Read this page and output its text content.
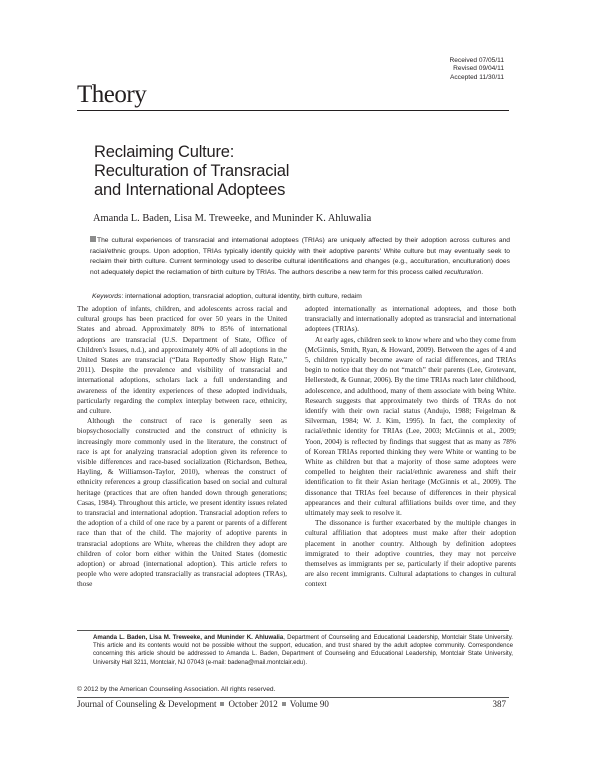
Received 07/05/11
Revised 09/04/11
Accepted 11/30/11
Theory
Reclaiming Culture:
Reculturation of Transracial
and International Adoptees
Amanda L. Baden, Lisa M. Treweeke, and Muninder K. Ahluwalia

The cultural experiences of transracial and international adoptees (TRIAs) are uniquely affected by their adoption across cultures and racial/ethnic groups. Upon adoption, TRIAs typically identify quickly with their adoptive parents' White culture but may eventually seek to reclaim their birth culture. Current terminology used to describe cultural identifications and changes (e.g., acculturation, enculturation) does not adequately depict the reclamation of birth culture by TRIAs. The authors describe a new term for this process called reculturation.

Keywords: international adoption, transracial adoption, cultural identity, birth culture, redaim

The adoption of infants, children, and adolescents across racial and cultural groups has been practiced for over 50 years in the United States and abroad. Approximately 80% to 85% of international adoptions are transracial (U.S. Department of State, Office of Children's Issues, n.d.), and approximately 40% of all adoptions in the United States are transracial (“Data Reportedly Show High Rate,” 2011). Despite the prevalence and visibility of transracial and international adoptions, scholars lack a full understanding and awareness of the identity experiences of these adopted individuals, particularly regarding the complex interplay between race, ethnicity, and culture.

Although the construct of race is generally seen as biopsychosocially constructed and the construct of ethnicity is increasingly more commonly used in the literature, the construct of race is apt for analyzing transracial adoption given its reference to visible differences and race-based socialization (Richardson, Bethea, Hayling, & Williamson-Taylor, 2010), whereas the construct of ethnicity references a group classification based on social and cultural heritage (practices that are often handed down through generations; Casas, 1984). Throughout this article, we present identity issues related to transracial and international adoption. Transracial adoption refers to the adoption of a child of one race by a parent or parents of a different race than that of the child. The majority of adoptive parents in transracial adoptions are White, whereas the children they adopt are children of color born either within the United States (domestic adoption) or abroad (international adoption). This article refers to people who were adopted transracially as transracial adoptees (TRAs), those

adopted internationally as international adoptees, and those both transracially and internationally adopted as transracial and international adoptees (TRIAs).

At early ages, children seek to know where and who they come from (McGinnis, Smith, Ryan, & Howard, 2009). Between the ages of 4 and 5, children typically become aware of racial differences, and TRIAs begin to notice that they do not “match” their parents (Lee, Grotevant, Hellerstedt, & Gunnar, 2006). By the time TRIAs reach later childhood, adolescence, and adulthood, many of them associate with being White. Research suggests that approximately two thirds of TRAs do not identify with their own racial status (Andujo, 1988; Feigelman & Silverman, 1984; W. J. Kim, 1995). In fact, the complexity of racial/ethnic identity for TRIAs (Lee, 2003; McGinnis et al., 2009; Yoon, 2004) is reflected by findings that suggest that as many as 78% of Korean TRIAs reported thinking they were White or wanting to be White as children but that a majority of those same adoptees were compelled to heighten their racial/ethnic awareness and shift their identification to fit their Asian heritage (McGinnis et al., 2009). The dissonance that TRIAs feel because of differences in their physical appearances and their cultural affiliations builds over time, and they ultimately may seek to resolve it.

The dissonance is further exacerbated by the multiple changes in cultural affiliation that adoptees must make after their adoption placement in another country. Although by definition adoptees immigrated to their adoptive countries, they may not perceive themselves as immigrants per se, particularly if their adoptive parents are also recent immigrants. Cultural adaptations to changes in cultural context

Amanda L. Baden, Lisa M. Treweeke, and Muninder K. Ahluwalia, Department of Counseling and Educational Leadership, Montclair State University. This article and its contents would not be possible without the support, education, and trust shared by the adult adoptee community. Correspondence concerning this article should be addressed to Amanda L. Baden, Department of Counseling and Educational Leadership, Montclair State University, University Hall 3211, Montclair, NJ 07043 (e-mail: badena@mail.montclair.edu).
© 2012 by the American Counseling Association. All rights reserved.
Journal of Counseling & Development October 2012 Volume 90	387
